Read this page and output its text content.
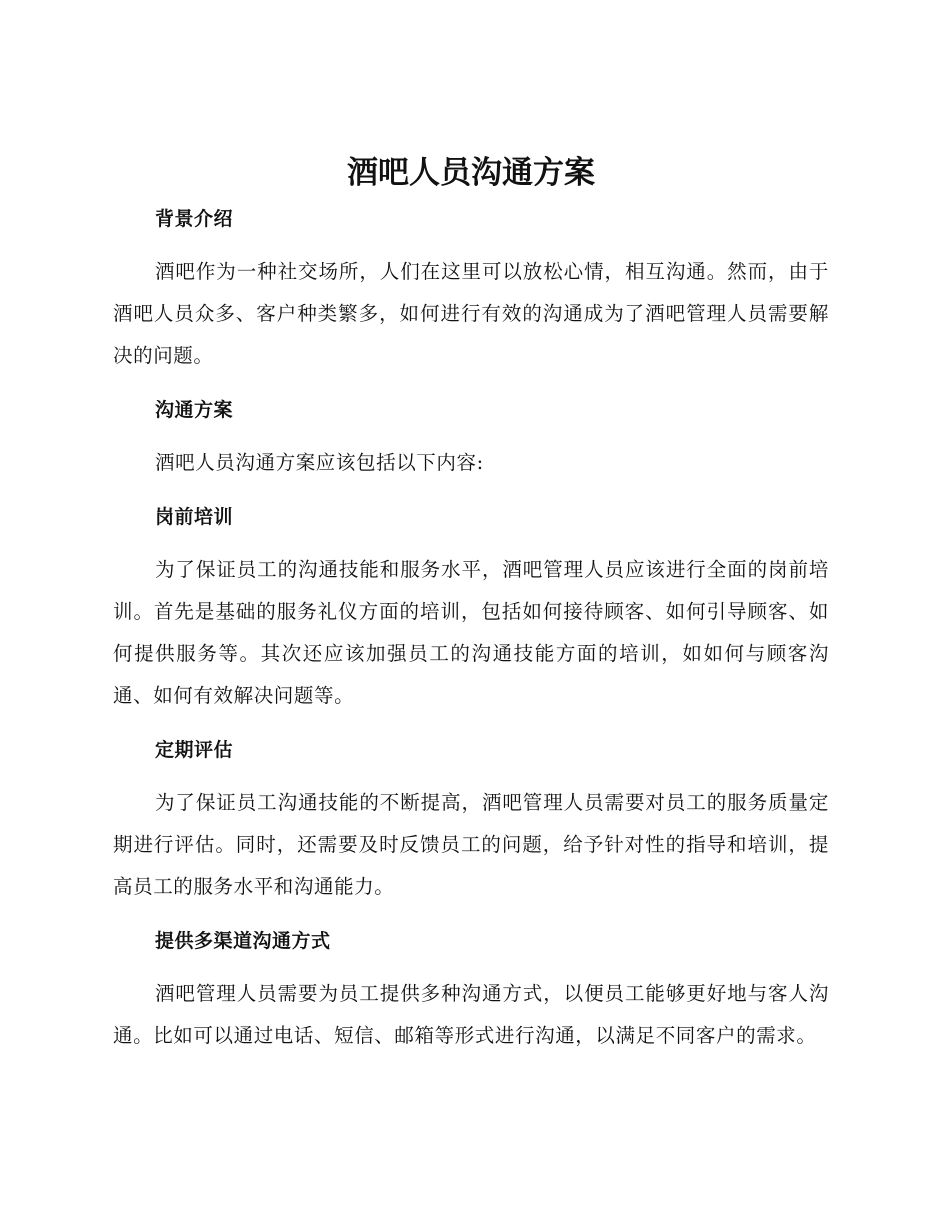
酒吧人员沟通方案
背景介绍

酒吧作为一种社交场所，人们在这里可以放松心情，相互沟通。然而，由于酒吧人员众多、客户种类繁多，如何进行有效的沟通成为了酒吧管理人员需要解决的问题。

沟通方案

酒吧人员沟通方案应该包括以下内容:

岗前培训

为了保证员工的沟通技能和服务水平，酒吧管理人员应该进行全面的岗前培训。首先是基础的服务礼仪方面的培训，包括如何接待顾客、如何引导顾客、如何提供服务等。其次还应该加强员工的沟通技能方面的培训，如如何与顾客沟通、如何有效解决问题等。

定期评估

为了保证员工沟通技能的不断提高，酒吧管理人员需要对员工的服务质量定期进行评估。同时，还需要及时反馈员工的问题，给予针对性的指导和培训，提高员工的服务水平和沟通能力。

提供多渠道沟通方式

酒吧管理人员需要为员工提供多种沟通方式，以便员工能够更好地与客人沟通。比如可以通过电话、短信、邮箱等形式进行沟通，以满足不同客户的需求。
